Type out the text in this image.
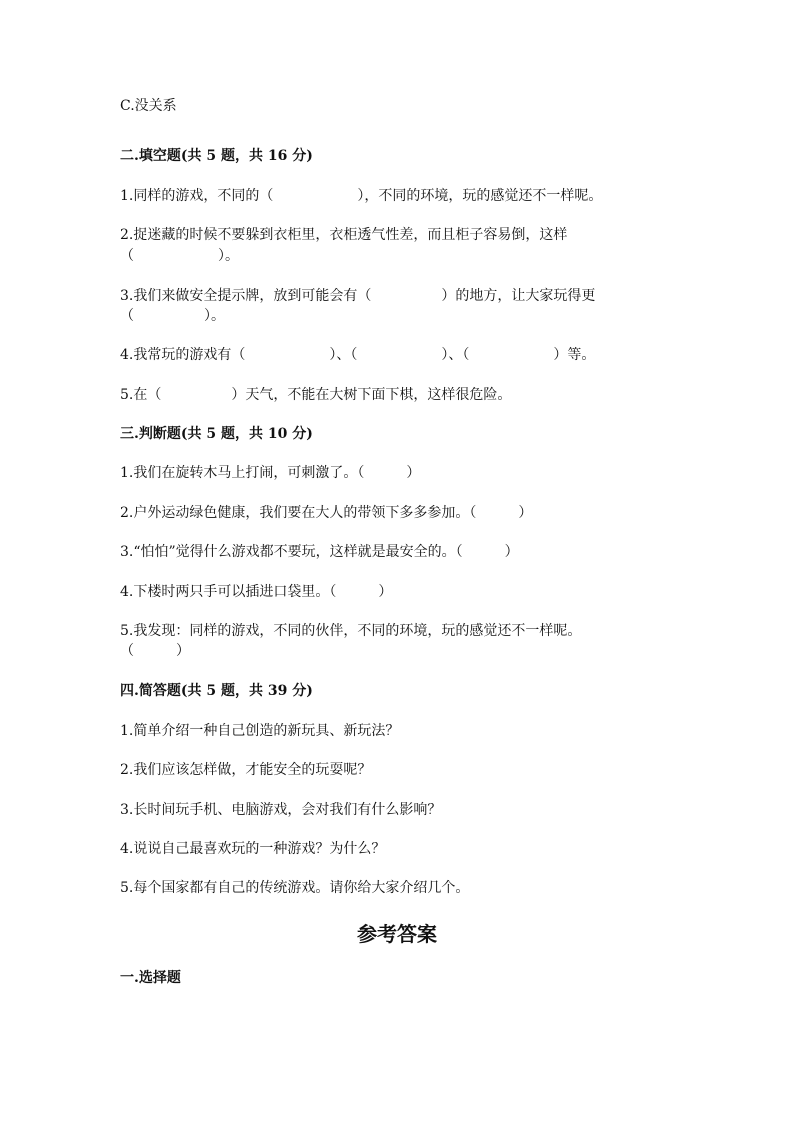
C.没关系
二.填空题(共 5 题，共 16 分)
1.同样的游戏，不同的（　　　　　　），不同的环境，玩的感觉还不一样呢。
2.捉迷藏的时候不要躲到衣柜里，衣柜透气性差，而且柜子容易倒，这样
（　　　　　　）。
3.我们来做安全提示牌，放到可能会有（　　　　　）的地方，让大家玩得更
（　　　　　）。
4.我常玩的游戏有（　　　　　　）、（　　　　　　）、（　　　　　　）等。
5.在（　　　　　）天气，不能在大树下面下棋，这样很危险。
三.判断题(共 5 题，共 10 分)
1.我们在旋转木马上打闹，可刺激了。（　　　）
2.户外运动绿色健康，我们要在大人的带领下多多参加。（　　　）
3.“怕怕”觉得什么游戏都不要玩，这样就是最安全的。（　　　）
4.下楼时两只手可以插进口袋里。（　　　）
5.我发现：同样的游戏，不同的伙伴，不同的环境，玩的感觉还不一样呢。
（　　　）
四.简答题(共 5 题，共 39 分)
1.简单介绍一种自己创造的新玩具、新玩法？
2.我们应该怎样做，才能安全的玩耍呢？
3.长时间玩手机、电脑游戏，会对我们有什么影响？
4.说说自己最喜欢玩的一种游戏？为什么？
5.每个国家都有自己的传统游戏。请你给大家介绍几个。
参考答案
一.选择题
